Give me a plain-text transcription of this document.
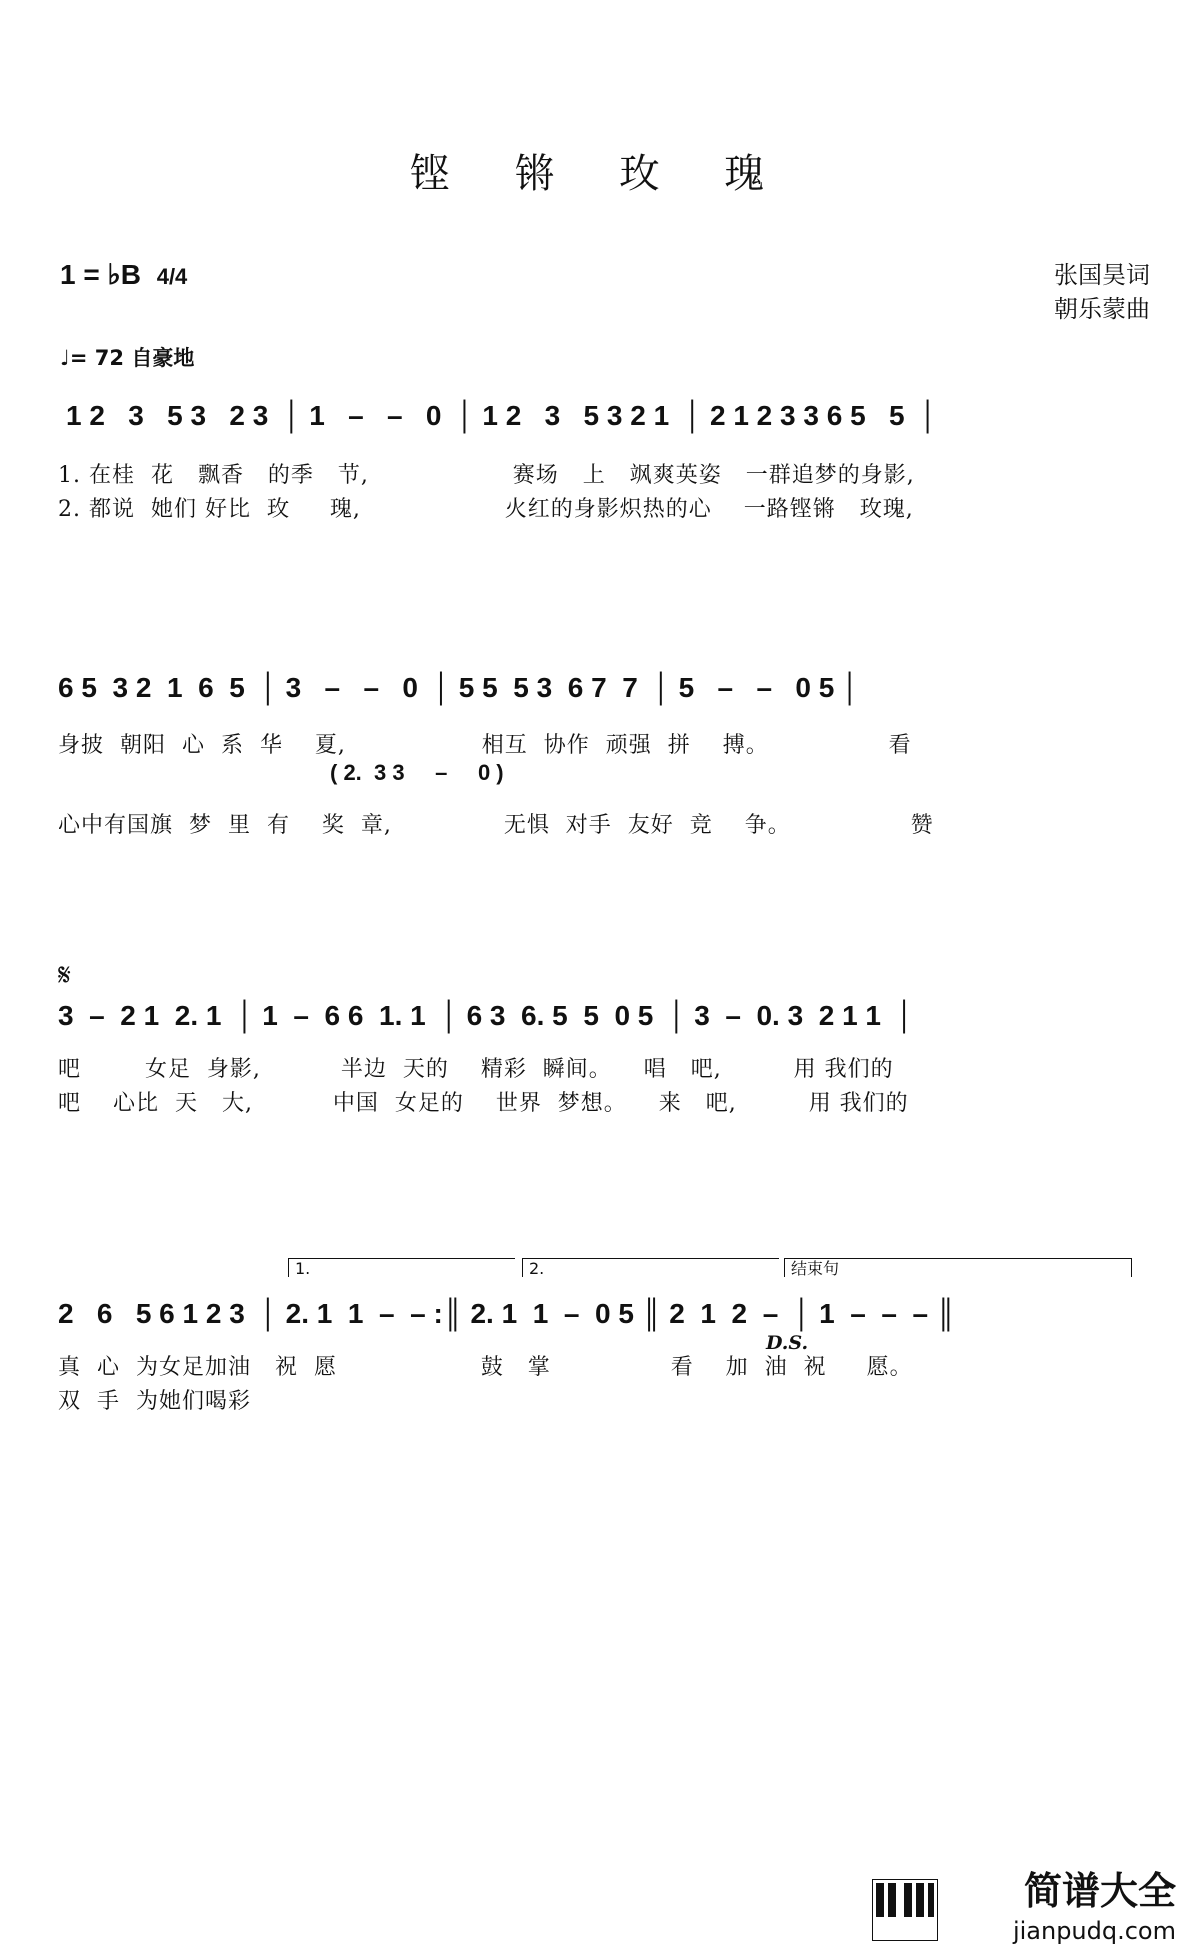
铿 锵 玫 瑰
1 = ♭B 4/4	张国昊词
朝乐蒙曲
♩= 72 自豪地
1 2   3   5 3   2 3  │ 1   –   –   0  │ 1 2   3   5 3 2 1  │ 2 1 2 3 3 6 5   5  │
1. 在桂  花   飘香   的季   节,                  赛场   上   飒爽英姿   一群追梦的身影,
2. 都说  她们 好比  玫     瑰,                  火红的身影炽热的心    一路铿锵   玫瑰,
6 5  3 2  1  6  5  │ 3   –   –   0  │ 5 5  5 3  6 7  7  │ 5   –   –   0 5 │
身披  朝阳  心  系  华    夏,                 相互  协作  顽强  拼    搏。               看
( 2.  3 3     –     0 )
心中有国旗  梦  里  有    奖  章,              无惧  对手  友好  竞    争。               赞
𝄋
3  –  2 1  2. 1  │ 1  –  6 6  1. 1  │ 6 3  6. 5  5  0 5  │ 3  –  0. 3  2 1 1  │
吧        女足  身影,          半边  天的    精彩  瞬间。    唱   吧,         用 我们的
吧    心比  天   大,          中国  女足的    世界  梦想。    来   吧,         用 我们的
1.	2.	结束句
2   6   5 6 1 2 3  │ 2. 1  1  –  – :║ 2. 1  1  –  0 5 ║ 2  1  2  –  │ 1  –  –  – ║
D.S.
真  心  为女足加油   祝  愿                  鼓   掌               看    加  油  祝     愿。
双  手  为她们喝彩
简谱大全
jianpudq.com
